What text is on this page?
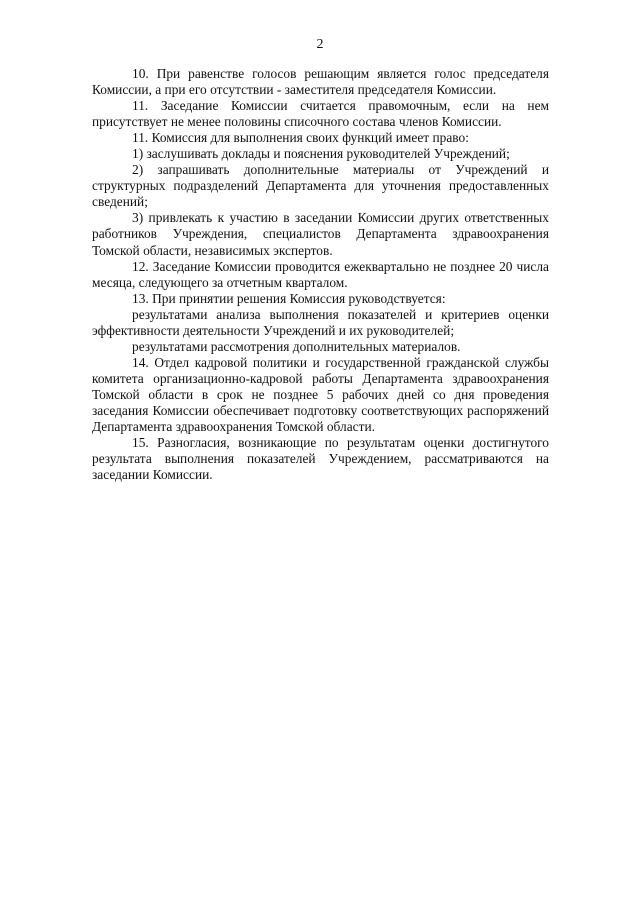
2

10. При равенстве голосов решающим является голос председателя Комиссии, а при его отсутствии - заместителя председателя Комиссии.

11. Заседание Комиссии считается правомочным, если на нем присутствует не менее половины списочного состава членов Комиссии.

11. Комиссия для выполнения своих функций имеет право:

1) заслушивать доклады и пояснения руководителей Учреждений;

2) запрашивать дополнительные материалы от Учреждений и структурных подразделений Департамента для уточнения предоставленных сведений;

3) привлекать к участию в заседании Комиссии других ответственных работников Учреждения, специалистов Департамента здравоохранения Томской области, независимых экспертов.

12. Заседание Комиссии проводится ежеквартально не позднее 20 числа месяца, следующего за отчетным кварталом.

13. При принятии решения Комиссия руководствуется:

результатами анализа выполнения показателей и критериев оценки эффективности деятельности Учреждений и их руководителей;

результатами рассмотрения дополнительных материалов.

14. Отдел кадровой политики и государственной гражданской службы комитета организационно-кадровой работы Департамента здравоохранения Томской области в срок не позднее 5 рабочих дней со дня проведения заседания Комиссии обеспечивает подготовку соответствующих распоряжений Департамента здравоохранения Томской области.

15. Разногласия, возникающие по результатам оценки достигнутого результата выполнения показателей Учреждением, рассматриваются на заседании Комиссии.
